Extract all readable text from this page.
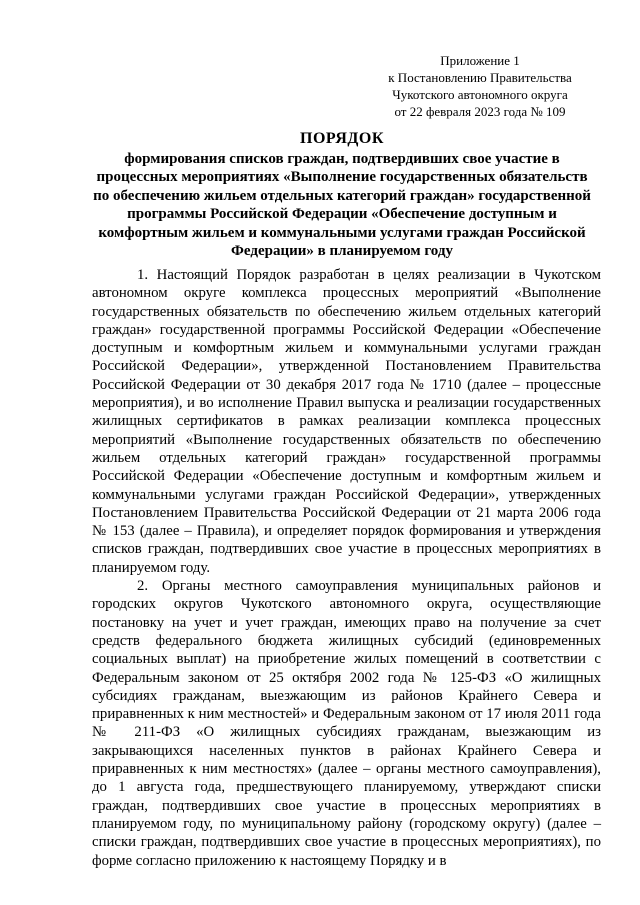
Приложение 1
к Постановлению Правительства
Чукотского автономного округа
от 22 февраля 2023 года № 109
ПОРЯДОК
формирования списков граждан, подтвердивших свое участие в процессных мероприятиях «Выполнение государственных обязательств по обеспечению жильем отдельных категорий граждан» государственной программы Российской Федерации «Обеспечение доступным и комфортным жильем и коммунальными услугами граждан Российской Федерации» в планируемом году

1. Настоящий Порядок разработан в целях реализации в Чукотском автономном округе комплекса процессных мероприятий «Выполнение государственных обязательств по обеспечению жильем отдельных категорий граждан» государственной программы Российской Федерации «Обеспечение доступным и комфортным жильем и коммунальными услугами граждан Российской Федерации», утвержденной Постановлением Правительства Российской Федерации от 30 декабря 2017 года № 1710 (далее – процессные мероприятия), и во исполнение Правил выпуска и реализации государственных жилищных сертификатов в рамках реализации комплекса процессных мероприятий «Выполнение государственных обязательств по обеспечению жильем отдельных категорий граждан» государственной программы Российской Федерации «Обеспечение доступным и комфортным жильем и коммунальными услугами граждан Российской Федерации», утвержденных Постановлением Правительства Российской Федерации от 21 марта 2006 года № 153 (далее – Правила), и определяет порядок формирования и утверждения списков граждан, подтвердивших свое участие в процессных мероприятиях в планируемом году.

2. Органы местного самоуправления муниципальных районов и городских округов Чукотского автономного округа, осуществляющие постановку на учет и учет граждан, имеющих право на получение за счет средств федерального бюджета жилищных субсидий (единовременных социальных выплат) на приобретение жилых помещений в соответствии с Федеральным законом от 25 октября 2002 года № 125-ФЗ «О жилищных субсидиях гражданам, выезжающим из районов Крайнего Севера и приравненных к ним местностей» и Федеральным законом от 17 июля 2011 года № 211-ФЗ «О жилищных субсидиях гражданам, выезжающим из закрывающихся населенных пунктов в районах Крайнего Севера и приравненных к ним местностях» (далее – органы местного самоуправления), до 1 августа года, предшествующего планируемому, утверждают списки граждан, подтвердивших свое участие в процессных мероприятиях в планируемом году, по муниципальному району (городскому округу) (далее – списки граждан, подтвердивших свое участие в процессных мероприятиях), по форме согласно приложению к настоящему Порядку и в
